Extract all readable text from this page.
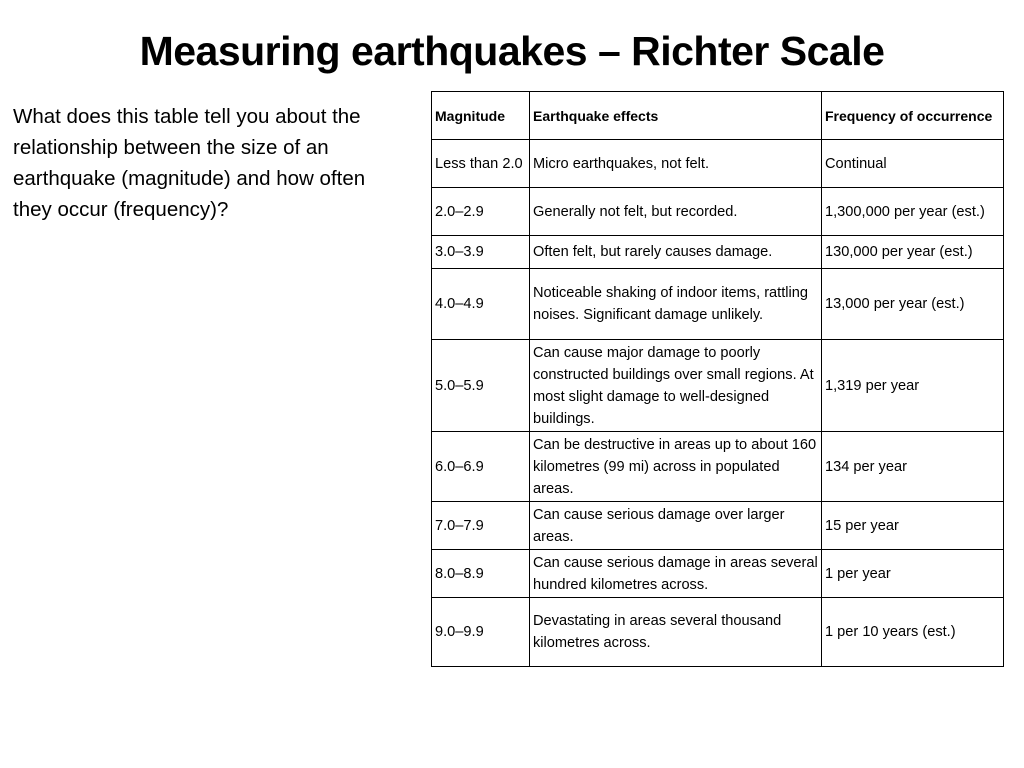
Measuring earthquakes – Richter Scale

What does this table tell you about the relationship between the size of an earthquake (magnitude) and how often they occur (frequency)?

Magnitude	Earthquake effects	Frequency of occurrence
Less than 2.0	Micro earthquakes, not felt.	Continual
2.0–2.9	Generally not felt, but recorded.	1,300,000 per year (est.)
3.0–3.9	Often felt, but rarely causes damage.	130,000 per year (est.)
4.0–4.9	Noticeable shaking of indoor items, rattling noises. Significant damage unlikely.	13,000 per year (est.)
5.0–5.9	Can cause major damage to poorly constructed buildings over small regions. At most slight damage to well-designed buildings.	1,319 per year
6.0–6.9	Can be destructive in areas up to about 160 kilometres (99 mi) across in populated areas.	134 per year
7.0–7.9	Can cause serious damage over larger areas.	15 per year
8.0–8.9	Can cause serious damage in areas several hundred kilometres across.	1 per year
9.0–9.9	Devastating in areas several thousand kilometres across.	1 per 10 years (est.)
